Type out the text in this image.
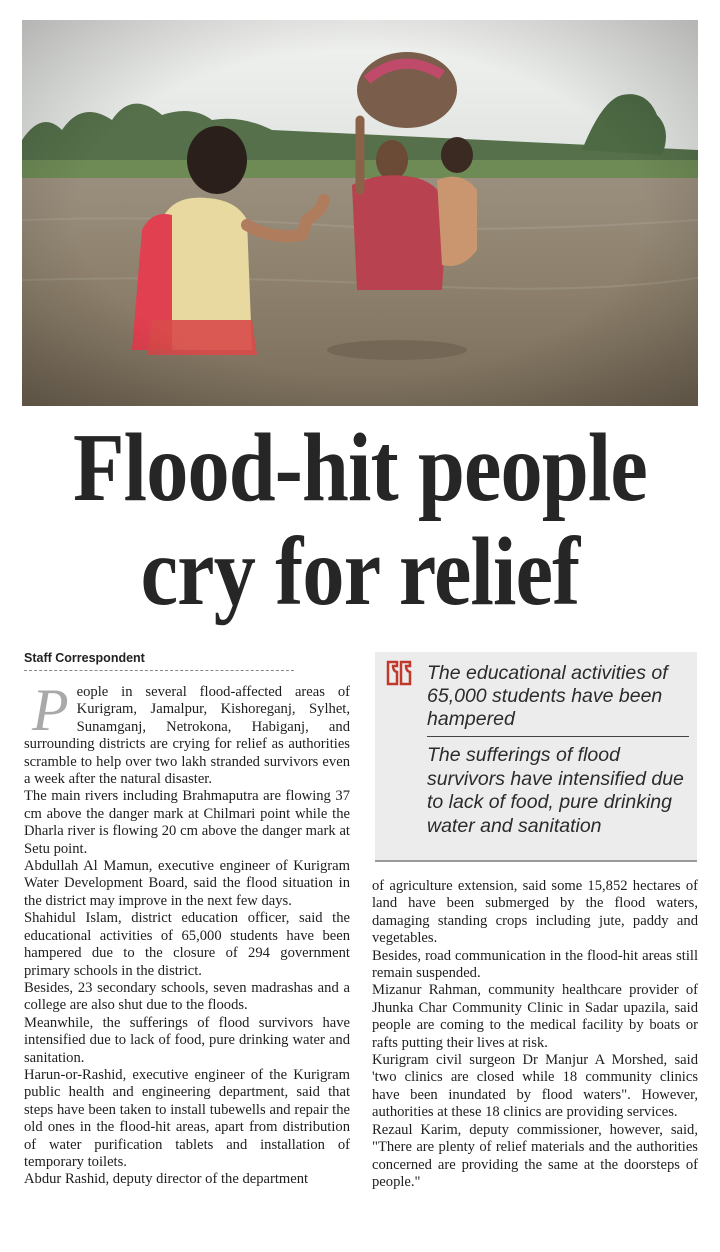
Flood-hit people
cry for relief
Staff Correspondent

People in several flood-affected areas of Kurigram, Jamalpur, Kishoreganj, Sylhet, Sunamganj, Netrokona, Habiganj, and surrounding districts are crying for relief as authorities scramble to help over two lakh stranded survivors even a week after the natural disaster.

The main rivers including Brahmaputra are flowing 37 cm above the danger mark at Chilmari point while the Dharla river is flowing 20 cm above the danger mark at Setu point.

Abdullah Al Mamun, executive engineer of Kurigram Water Development Board, said the flood situation in the district may improve in the next few days.

Shahidul Islam, district education officer, said the educational activities of 65,000 students have been hampered due to the closure of 294 government primary schools in the district.

Besides, 23 secondary schools, seven madrashas and a college are also shut due to the floods.

Meanwhile, the sufferings of flood survivors have intensified due to lack of food, pure drinking water and sanitation.

Harun-or-Rashid, executive engineer of the Kurigram public health and engineering department, said that steps have been taken to install tubewells and repair the old ones in the flood-hit areas, apart from distribution of water purification tablets and installation of temporary toilets.

Abdur Rashid, deputy director of the department

The educational activities of 65,000 students have been hampered
The sufferings of flood survivors have intensified due to lack of food, pure drinking water and sanitation

of agriculture extension, said some 15,852 hectares of land have been submerged by the flood waters, damaging standing crops including jute, paddy and vegetables.

Besides, road communication in the flood-hit areas still remain suspended.

Mizanur Rahman, community healthcare provider of Jhunka Char Community Clinic in Sadar upazila, said people are coming to the medical facility by boats or rafts putting their lives at risk.

Kurigram civil surgeon Dr Manjur A Morshed, said 'two clinics are closed while 18 community clinics have been inundated by flood waters". However, authorities at these 18 clinics are providing services.

Rezaul Karim, deputy commissioner, however, said, "There are plenty of relief materials and the authorities concerned are providing the same at the doorsteps of people."
